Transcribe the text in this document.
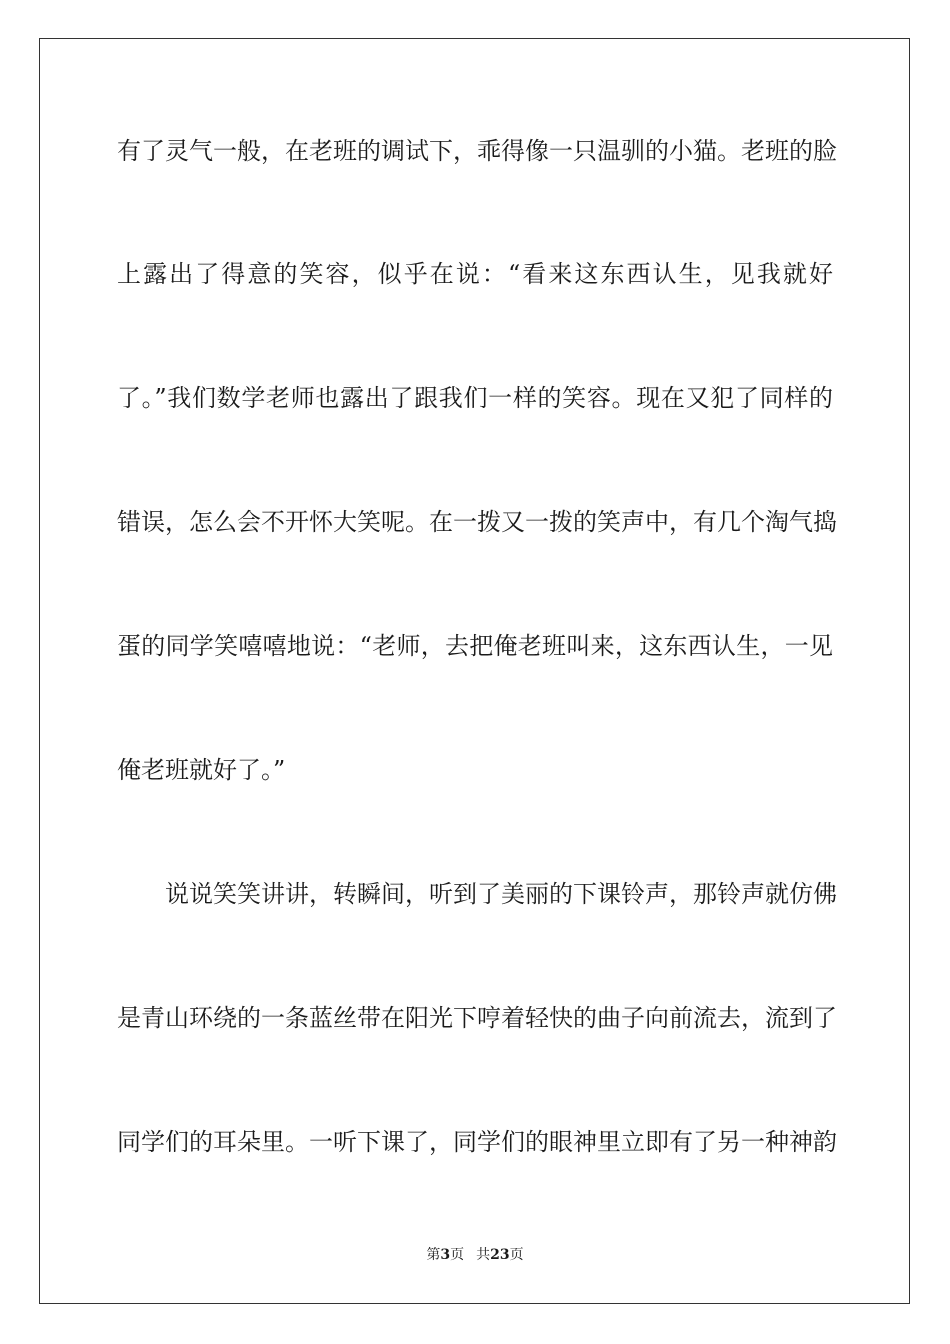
有了灵气一般，在老班的调试下，乖得像一只温驯的小猫。老班的脸
上露出了得意的笑容，似乎在说：“看来这东西认生，见我就好
了。”我们数学老师也露出了跟我们一样的笑容。现在又犯了同样的
错误，怎么会不开怀大笑呢。在一拨又一拨的笑声中，有几个淘气捣
蛋的同学笑嘻嘻地说：“老师，去把俺老班叫来，这东西认生，一见
俺老班就好了。”
说说笑笑讲讲，转瞬间，听到了美丽的下课铃声，那铃声就仿佛
是青山环绕的一条蓝丝带在阳光下哼着轻快的曲子向前流去，流到了
同学们的耳朵里。一听下课了，同学们的眼神里立即有了另一种神韵
第3页 共23页
